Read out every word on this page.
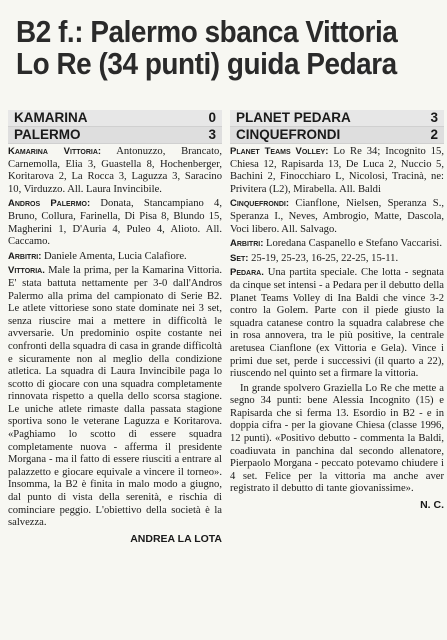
B2 f.: Palermo sbanca Vittoria
Lo Re (34 punti) guida Pedara
KAMARINA	0
PALERMO	3

Kamarina Vittoria: Antonuzzo, Brancato, Carnemolla, Elia 3, Guastella 8, Hochenberger, Koritarova 2, La Rocca 3, Laguzza 3, Saracino 10, Virduzzo. All. Laura Invincibile.

Andros Palermo: Donata, Stancampiano 4, Bruno, Collura, Farinella, Di Pisa 8, Blundo 15, Magherini 1, D'Auria 4, Puleo 4, Alioto. All. Caccamo.

Arbitri: Daniele Amenta, Lucia Calafiore.

Vittoria. Male la prima, per la Kamarina Vittoria. E' stata battuta nettamente per 3-0 dall'Andros Palermo alla prima del campionato di Serie B2. Le atlete vittoriese sono state dominate nei 3 set, senza riuscire mai a mettere in difficoltà le avversarie. Un predominio ospite costante nei confronti della squadra di casa in grande difficoltà e sicuramente non al meglio della condizione atletica. La squadra di Laura Invincibile paga lo scotto di giocare con una squadra completamente rinnovata rispetto a quella dello scorsa stagione. Le uniche atlete rimaste dalla passata stagione sportiva sono le veterane Laguzza e Koritarova. «Paghiamo lo scotto di essere squadra completamente nuova - afferma il presidente Morgana - ma il fatto di essere riusciti a entrare al palazzetto e giocare equivale a vincere il torneo». Insomma, la B2 è finita in malo modo a giugno, dal punto di vista della serenità, e rischia di cominciare peggio. L'obiettivo della società è la salvezza.

ANDREA LA LOTA
PLANET PEDARA	3
CINQUEFRONDI	2

Planet Teams Volley: Lo Re 34; Incognito 15, Chiesa 12, Rapisarda 13, De Luca 2, Nuccio 5, Bachini 2, Finocchiaro L, Nicolosi, Tracinà, ne: Privitera (L2), Mirabella. All. Baldi

Cinquefrondi: Cianflone, Nielsen, Speranza S., Speranza I., Neves, Ambrogio, Matte, Dascola, Voci libero. All. Salvago.

Arbitri: Loredana Caspanello e Stefano Vaccarisi.

Set: 25-19, 25-23, 16-25, 22-25, 15-11.

Pedara. Una partita speciale. Che lotta - segnata da cinque set intensi - a Pedara per il debutto della Planet Teams Volley di Ina Baldi che vince 3-2 contro la Golem. Parte con il piede giusto la squadra catanese contro la squadra calabrese che in rosa annovera, tra le più positive, la centrale aretusea Cianflone (ex Vittoria e Gela). Vince i primi due set, perde i successivi (il quarto a 22), riuscendo nel quinto set a firmare la vittoria.

In grande spolvero Graziella Lo Re che mette a segno 34 punti: bene Alessia Incognito (15) e Rapisarda che si ferma 13. Esordio in B2 - e in doppia cifra - per la giovane Chiesa (classe 1996, 12 punti). «Positivo debutto - commenta la Baldi, coadiuvata in panchina dal secondo allenatore, Pierpaolo Morgana - peccato potevamo chiudere i 4 set. Felice per la vittoria ma anche aver registrato il debutto di tante giovanissime».

N. C.
